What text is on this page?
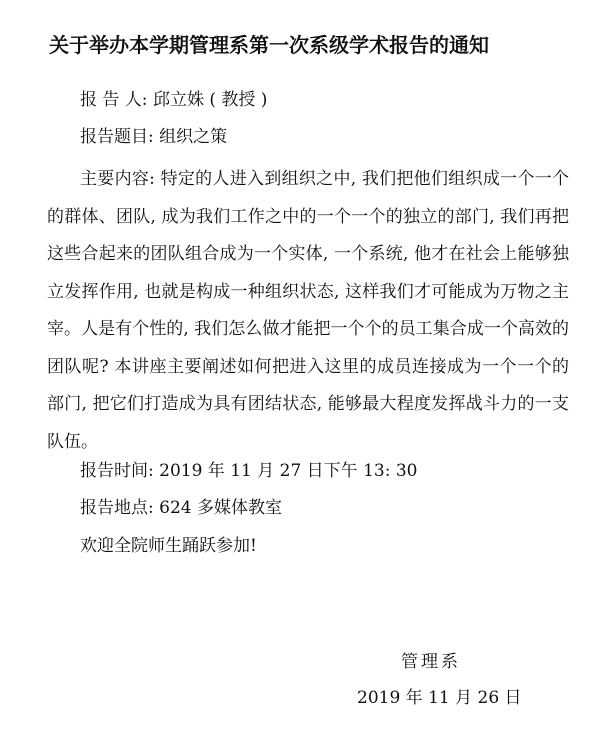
关于举办本学期管理系第一次系级学术报告的通知
报 告 人: 邱立姝 ( 教授 )
报告题目: 组织之策
主要内容: 特定的人进入到组织之中, 我们把他们组织成一个一个的群体、团队, 成为我们工作之中的一个一个的独立的部门, 我们再把这些合起来的团队组合成为一个实体, 一个系统, 他才在社会上能够独立发挥作用, 也就是构成一种组织状态, 这样我们才可能成为万物之主宰。人是有个性的, 我们怎么做才能把一个个的员工集合成一个高效的团队呢? 本讲座主要阐述如何把进入这里的成员连接成为一个一个的部门, 把它们打造成为具有团结状态, 能够最大程度发挥战斗力的一支队伍。
报告时间: 2019 年 11 月 27 日下午 13: 30
报告地点: 624 多媒体教室
欢迎全院师生踊跃参加!
管理系
2019 年 11 月 26 日
